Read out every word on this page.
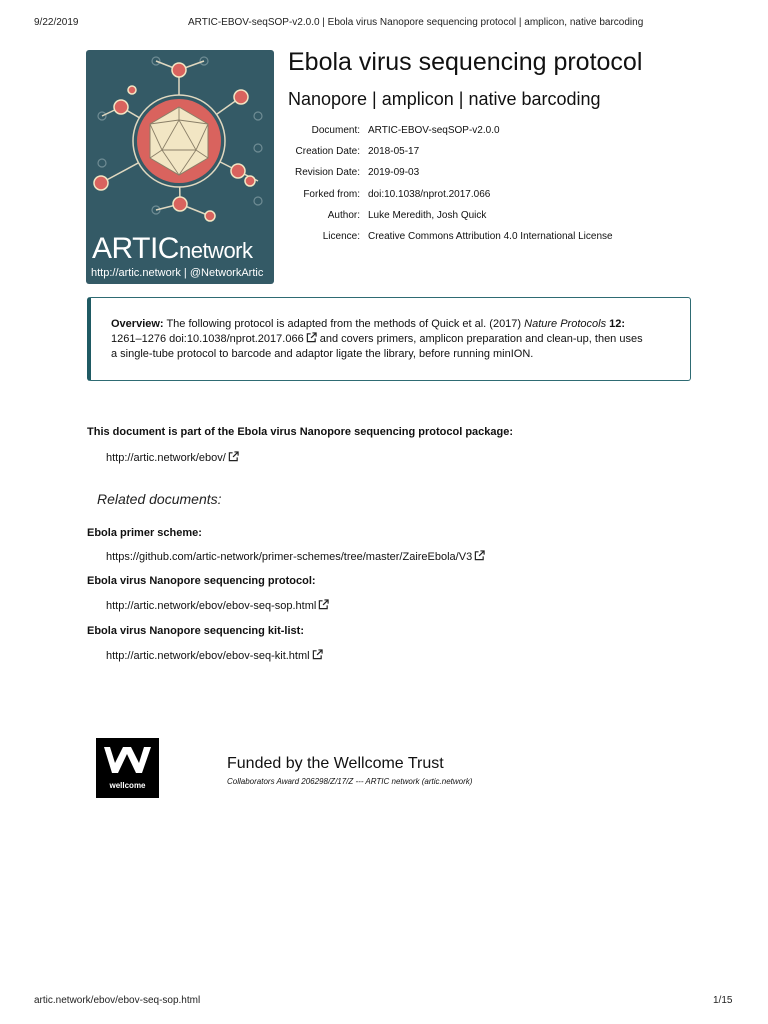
9/22/2019	ARTIC-EBOV-seqSOP-v2.0.0 | Ebola virus Nanopore sequencing protocol | amplicon, native barcoding
ARTICnetwork
http://artic.network | @NetworkArtic
Ebola virus sequencing protocol
Nanopore | amplicon | native barcoding
Document: ARTIC-EBOV-seqSOP-v2.0.0
Creation Date: 2018-05-17
Revision Date: 2019-09-03
Forked from: doi:10.1038/nprot.2017.066
Author: Luke Meredith, Josh Quick
Licence: Creative Commons Attribution 4.0 International License
Overview: The following protocol is adapted from the methods of Quick et al. (2017) Nature Protocols 12:
1261–1276 doi:10.1038/nprot.2017.066 and covers primers, amplicon preparation and clean-up, then uses
a single-tube protocol to barcode and adaptor ligate the library, before running minION.
This document is part of the Ebola virus Nanopore sequencing protocol package:
http://artic.network/ebov/
Related documents:
Ebola primer scheme:
https://github.com/artic-network/primer-schemes/tree/master/ZaireEbola/V3
Ebola virus Nanopore sequencing protocol:
http://artic.network/ebov/ebov-seq-sop.html
Ebola virus Nanopore sequencing kit-list:
http://artic.network/ebov/ebov-seq-kit.html
wellcome
Funded by the Wellcome Trust
Collaborators Award 206298/Z/17/Z --- ARTIC network (artic.network)
artic.network/ebov/ebov-seq-sop.html	1/15
